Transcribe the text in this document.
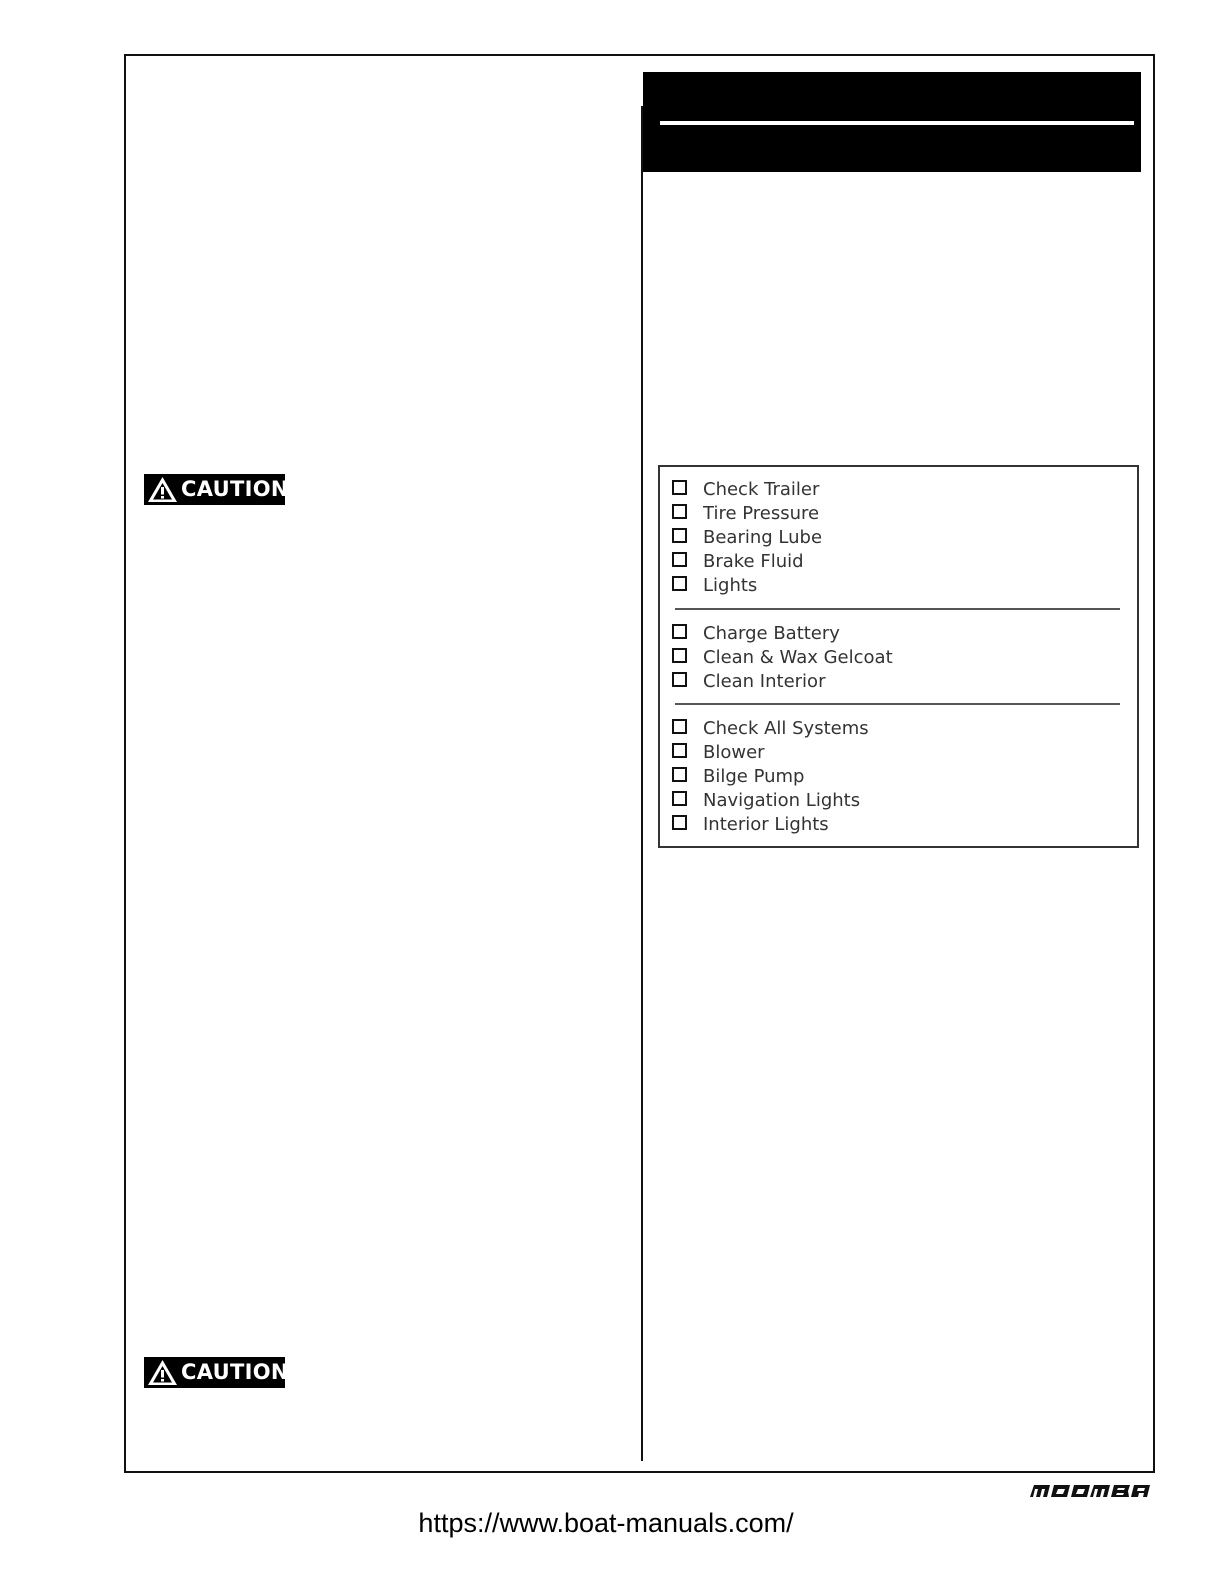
CAUTION
CAUTION
Check Trailer
Tire Pressure
Bearing Lube
Brake Fluid
Lights
Charge Battery
Clean & Wax Gelcoat
Clean Interior
Check All Systems
Blower
Bilge Pump
Navigation Lights
Interior Lights
https://www.boat-manuals.com/
